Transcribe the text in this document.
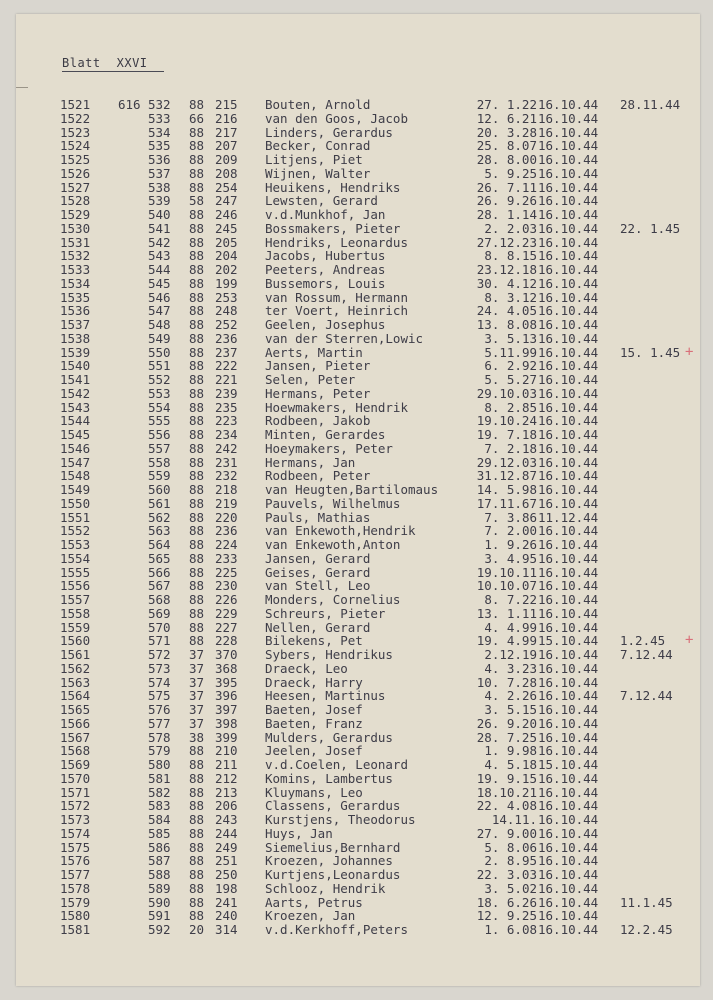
Blatt XXVI
1521 616 532 88 215 Bouten, Arnold	27. 1.22 16.10.44 28.11.44
1522	533 66 216 van den Goos, Jacob	12. 6.21 16.10.44
1523	534 88 217 Linders, Gerardus	20. 3.28 16.10.44
1524	535 88 207 Becker, Conrad	25. 8.07 16.10.44
1525	536 88 209 Litjens, Piet	28. 8.00 16.10.44
1526	537 88 208 Wijnen, Walter	5. 9.25 16.10.44
1527	538 88 254 Heuikens, Hendriks	26. 7.11 16.10.44
1528	539 58 247 Lewsten, Gerard	26. 9.26 16.10.44
1529	540 88 246 v.d.Munkhof, Jan	28. 1.14 16.10.44
1530	541 88 245 Bossmakers, Pieter	2. 2.03 16.10.44 22. 1.45
1531	542 88 205 Hendriks, Leonardus	27.12.23 16.10.44
1532	543 88 204 Jacobs, Hubertus	8. 8.15 16.10.44
1533	544 88 202 Peeters, Andreas	23.12.18 16.10.44
1534	545 88 199 Bussemors, Louis	30. 4.12 16.10.44
1535	546 88 253 van Rossum, Hermann	8. 3.12 16.10.44
1536	547 88 248 ter Voert, Heinrich	24. 4.05 16.10.44
1537	548 88 252 Geelen, Josephus	13. 8.08 16.10.44
1538	549 88 236 van der Sterren,Lowic	3. 5.13 16.10.44
1539	550 88 237 Aerts, Martin	5.11.99 16.10.44 15. 1.45 +
1540	551 88 222 Jansen, Pieter	6. 2.92 16.10.44
1541	552 88 221 Selen, Peter	5. 5.27 16.10.44
1542	553 88 239 Hermans, Peter	29.10.03 16.10.44
1543	554 88 235 Hoewmakers, Hendrik	8. 2.85 16.10.44
1544	555 88 223 Rodbeen, Jakob	19.10.24 16.10.44
1545	556 88 234 Minten, Gerardes	19. 7.18 16.10.44
1546	557 88 242 Hoeymakers, Peter	7. 2.18 16.10.44
1547	558 88 231 Hermans, Jan	29.12.03 16.10.44
1548	559 88 232 Rodbeen, Peter	31.12.87 16.10.44
1549	560 88 218 van Heugten,Bartilomaus	14. 5.98 16.10.44
1550	561 88 219 Pauvels, Wilhelmus	17.11.67 16.10.44
1551	562 88 220 Pauls, Mathias	7. 3.86 11.12.44
1552	563 88 236 van Enkewoth,Hendrik	7. 2.00 16.10.44
1553	564 88 224 van Enkewoth,Anton	1. 9.26 16.10.44
1554	565 88 233 Jansen, Gerard	3. 4.95 16.10.44
1555	566 88 225 Geises, Gerard	19.10.11 16.10.44
1556	567 88 230 van Stell, Leo	10.10.07 16.10.44
1557	568 88 226 Monders, Cornelius	8. 7.22 16.10.44
1558	569 88 229 Schreurs, Pieter	13. 1.11 16.10.44
1559	570 88 227 Nellen, Gerard	4. 4.99 16.10.44
1560	571 88 228 Bilekens, Pet	19. 4.99 15.10.44 1.2.45 +
1561	572 37 370 Sybers, Hendrikus	2.12.19 16.10.44 7.12.44
1562	573 37 368 Draeck, Leo	4. 3.23 16.10.44
1563	574 37 395 Draeck, Harry	10. 7.28 16.10.44
1564	575 37 396 Heesen, Martinus	4. 2.26 16.10.44 7.12.44
1565	576 37 397 Baeten, Josef	3. 5.15 16.10.44
1566	577 37 398 Baeten, Franz	26. 9.20 16.10.44
1567	578 38 399 Mulders, Gerardus	28. 7.25 16.10.44
1568	579 88 210 Jeelen, Josef	1. 9.98 16.10.44
1569	580 88 211 v.d.Coelen, Leonard	4. 5.18 15.10.44
1570	581 88 212 Komins, Lambertus	19. 9.15 16.10.44
1571	582 88 213 Kluymans, Leo	18.10.21 16.10.44
1572	583 88 206 Classens, Gerardus	22. 4.08 16.10.44
1573	584 88 243 Kurstjens, Theodorus	14.11. 16.10.44
1574	585 88 244 Huys, Jan	27. 9.00 16.10.44
1575	586 88 249 Siemelius,Bernhard	5. 8.06 16.10.44
1576	587 88 251 Kroezen, Johannes	2. 8.95 16.10.44
1577	588 88 250 Kurtjens,Leonardus	22. 3.03 16.10.44
1578	589 88 198 Schlooz, Hendrik	3. 5.02 16.10.44
1579	590 88 241 Aarts, Petrus	18. 6.26 16.10.44 11.1.45
1580	591 88 240 Kroezen, Jan	12. 9.25 16.10.44
1581	592 20 314 v.d.Kerkhoff,Peters	1. 6.08 16.10.44 12.2.45
